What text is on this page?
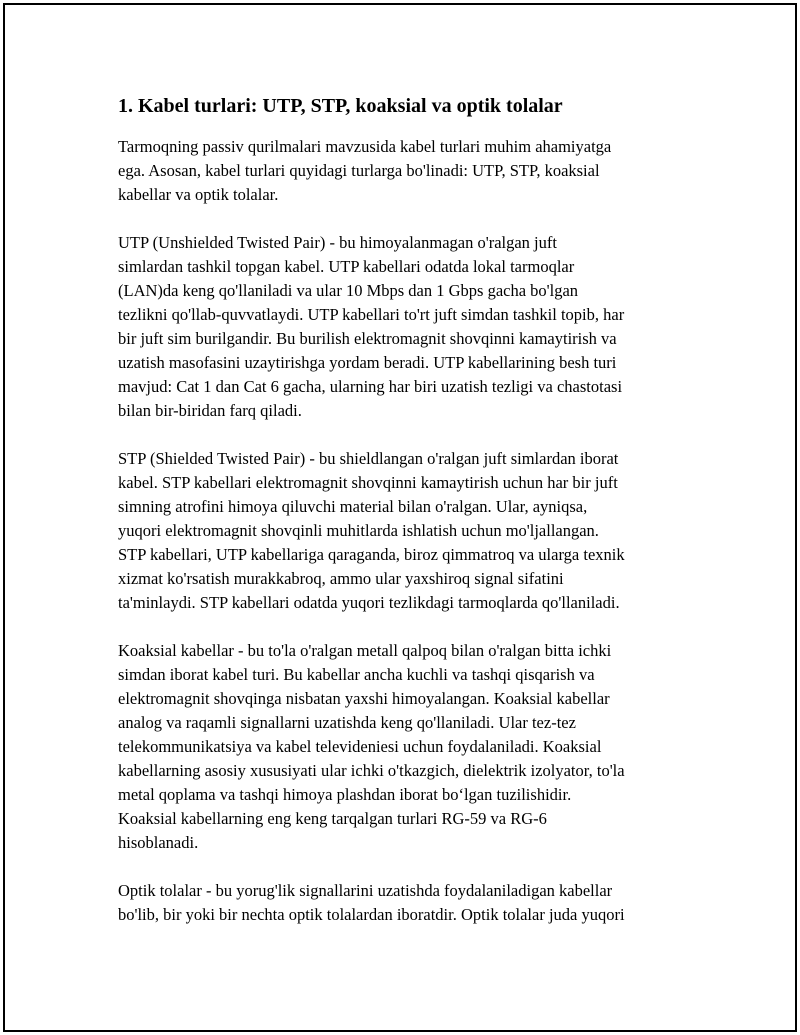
1. Kabel turlari: UTP, STP, koaksial va optik tolalar

Tarmoqning passiv qurilmalari mavzusida kabel turlari muhim ahamiyatga
ega. Asosan, kabel turlari quyidagi turlarga bo'linadi: UTP, STP, koaksial
kabellar va optik tolalar.

UTP (Unshielded Twisted Pair) - bu himoyalanmagan o'ralgan juft
simlardan tashkil topgan kabel. UTP kabellari odatda lokal tarmoqlar
(LAN)da keng qo'llaniladi va ular 10 Mbps dan 1 Gbps gacha bo'lgan
tezlikni qo'llab-quvvatlaydi. UTP kabellari to'rt juft simdan tashkil topib, har
bir juft sim burilgandir. Bu burilish elektromagnit shovqinni kamaytirish va
uzatish masofasini uzaytirishga yordam beradi. UTP kabellarining besh turi
mavjud: Cat 1 dan Cat 6 gacha, ularning har biri uzatish tezligi va chastotasi
bilan bir-biridan farq qiladi.

STP (Shielded Twisted Pair) - bu shieldlangan o'ralgan juft simlardan iborat
kabel. STP kabellari elektromagnit shovqinni kamaytirish uchun har bir juft
simning atrofini himoya qiluvchi material bilan o'ralgan. Ular, ayniqsa,
yuqori elektromagnit shovqinli muhitlarda ishlatish uchun mo'ljallangan.
STP kabellari, UTP kabellariga qaraganda, biroz qimmatroq va ularga texnik
xizmat ko'rsatish murakkabroq, ammo ular yaxshiroq signal sifatini
ta'minlaydi. STP kabellari odatda yuqori tezlikdagi tarmoqlarda qo'llaniladi.

Koaksial kabellar - bu to'la o'ralgan metall qalpoq bilan o'ralgan bitta ichki
simdan iborat kabel turi. Bu kabellar ancha kuchli va tashqi qisqarish va
elektromagnit shovqinga nisbatan yaxshi himoyalangan. Koaksial kabellar
analog va raqamli signallarni uzatishda keng qo'llaniladi. Ular tez-tez
telekommunikatsiya va kabel televideniesi uchun foydalaniladi. Koaksial
kabellarning asosiy xususiyati ular ichki o'tkazgich, dielektrik izolyator, to'la
metal qoplama va tashqi himoya plashdan iborat bo‘lgan tuzilishidir.
Koaksial kabellarning eng keng tarqalgan turlari RG-59 va RG-6
hisoblanadi.

Optik tolalar - bu yorug'lik signallarini uzatishda foydalaniladigan kabellar
bo'lib, bir yoki bir nechta optik tolalardan iboratdir. Optik tolalar juda yuqori
